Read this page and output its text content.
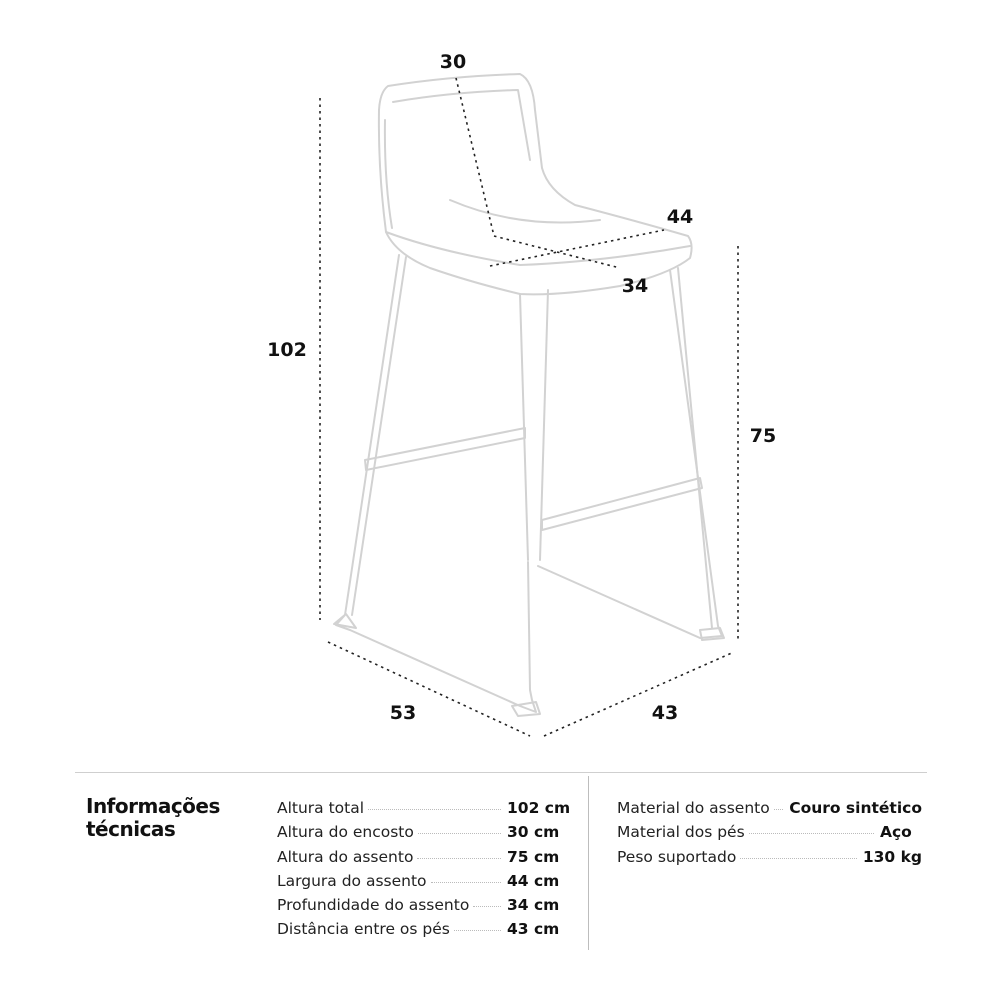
30
44
34
102
75
53	43
Informações
técnicas
Altura total	102 cm
Altura do encosto	30 cm
Altura do assento	75 cm
Largura do assento	44 cm
Profundidade do assento 34 cm
Distância entre os pés	43 cm
Material do assento Couro sintético
Material dos pés	Aço
Peso suportado	130 kg
